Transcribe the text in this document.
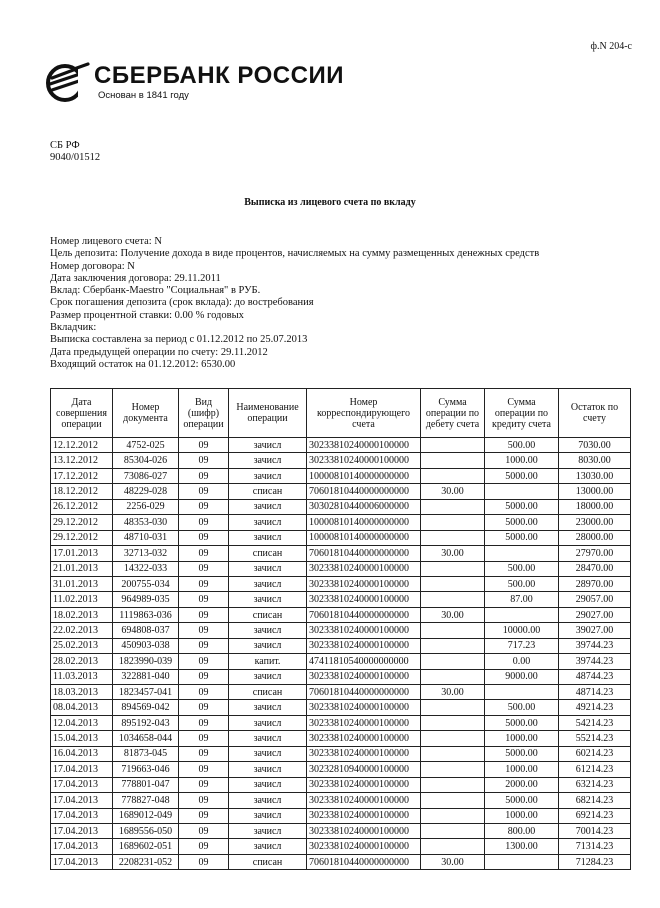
ф.N 204-с
СБЕРБАНК РОССИИ
Основан в 1841 году
СБ РФ
9040/01512
Выписка из лицевого счета по вкладу
Номер лицевого счета: N
Цель депозита: Получение дохода в виде процентов, начисляемых на сумму размещенных денежных средств
Номер договора: N
Дата заключения договора: 29.11.2011
Вклад: Сбербанк-Maestro "Социальная" в РУБ.
Срок погашения депозита (срок вклада): до востребования
Размер процентной ставки: 0.00 % годовых
Вкладчик:
Выписка составлена за период с 01.12.2012 по 25.07.2013
Дата предыдущей операции по счету: 29.11.2012
Входящий остаток на 01.12.2012: 6530.00
Дата совершения операции	Номер документа	Вид (шифр) операции	Наименование операции	Номер корреспондирующего счета	Сумма операции по дебету счета	Сумма операции по кредиту счета	Остаток по счету
12.12.2012	4752-025	09	зачисл	30233810240000100000		500.00	7030.00
13.12.2012	85304-026	09	зачисл	30233810240000100000		1000.00	8030.00
17.12.2012	73086-027	09	зачисл	10000810140000000000		5000.00	13030.00
18.12.2012	48229-028	09	списан	70601810440000000000	30.00		13000.00
26.12.2012	2256-029	09	зачисл	30302810440006000000		5000.00	18000.00
29.12.2012	48353-030	09	зачисл	10000810140000000000		5000.00	23000.00
29.12.2012	48710-031	09	зачисл	10000810140000000000		5000.00	28000.00
17.01.2013	32713-032	09	списан	70601810440000000000	30.00		27970.00
21.01.2013	14322-033	09	зачисл	30233810240000100000		500.00	28470.00
31.01.2013	200755-034	09	зачисл	30233810240000100000		500.00	28970.00
11.02.2013	964989-035	09	зачисл	30233810240000100000		87.00	29057.00
18.02.2013	1119863-036	09	списан	70601810440000000000	30.00		29027.00
22.02.2013	694808-037	09	зачисл	30233810240000100000		10000.00	39027.00
25.02.2013	450903-038	09	зачисл	30233810240000100000		717.23	39744.23
28.02.2013	1823990-039	09	капит.	47411810540000000000		0.00	39744.23
11.03.2013	322881-040	09	зачисл	30233810240000100000		9000.00	48744.23
18.03.2013	1823457-041	09	списан	70601810440000000000	30.00		48714.23
08.04.2013	894569-042	09	зачисл	30233810240000100000		500.00	49214.23
12.04.2013	895192-043	09	зачисл	30233810240000100000		5000.00	54214.23
15.04.2013	1034658-044	09	зачисл	30233810240000100000		1000.00	55214.23
16.04.2013	81873-045	09	зачисл	30233810240000100000		5000.00	60214.23
17.04.2013	719663-046	09	зачисл	30232810940000100000		1000.00	61214.23
17.04.2013	778801-047	09	зачисл	30233810240000100000		2000.00	63214.23
17.04.2013	778827-048	09	зачисл	30233810240000100000		5000.00	68214.23
17.04.2013	1689012-049	09	зачисл	30233810240000100000		1000.00	69214.23
17.04.2013	1689556-050	09	зачисл	30233810240000100000		800.00	70014.23
17.04.2013	1689602-051	09	зачисл	30233810240000100000		1300.00	71314.23
17.04.2013	2208231-052	09	списан	70601810440000000000	30.00		71284.23
